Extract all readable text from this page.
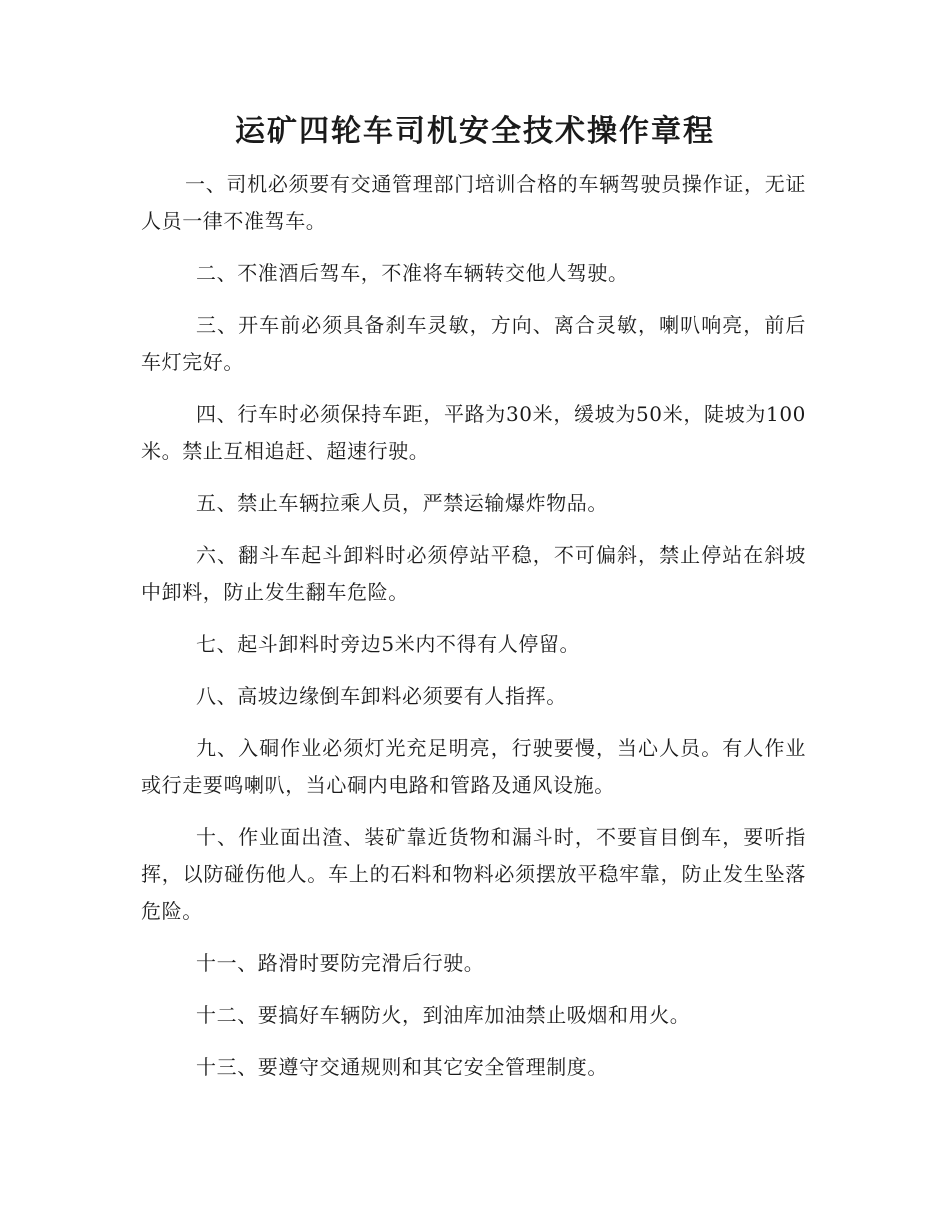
运矿四轮车司机安全技术操作章程

一、司机必须要有交通管理部门培训合格的车辆驾驶员操作证，无证人员一律不准驾车。

二、不准酒后驾车，不准将车辆转交他人驾驶。

三、开车前必须具备刹车灵敏，方向、离合灵敏，喇叭响亮，前后车灯完好。

四、行车时必须保持车距，平路为30米，缓坡为50米，陡坡为100米。禁止互相追赶、超速行驶。

五、禁止车辆拉乘人员，严禁运输爆炸物品。

六、翻斗车起斗卸料时必须停站平稳，不可偏斜，禁止停站在斜坡中卸料，防止发生翻车危险。

七、起斗卸料时旁边5米内不得有人停留。

八、高坡边缘倒车卸料必须要有人指挥。

九、入硐作业必须灯光充足明亮，行驶要慢，当心人员。有人作业或行走要鸣喇叭，当心硐内电路和管路及通风设施。

十、作业面出渣、装矿靠近货物和漏斗时，不要盲目倒车，要听指挥，以防碰伤他人。车上的石料和物料必须摆放平稳牢靠，防止发生坠落危险。

十一、路滑时要防完滑后行驶。

十二、要搞好车辆防火，到油库加油禁止吸烟和用火。

十三、要遵守交通规则和其它安全管理制度。
